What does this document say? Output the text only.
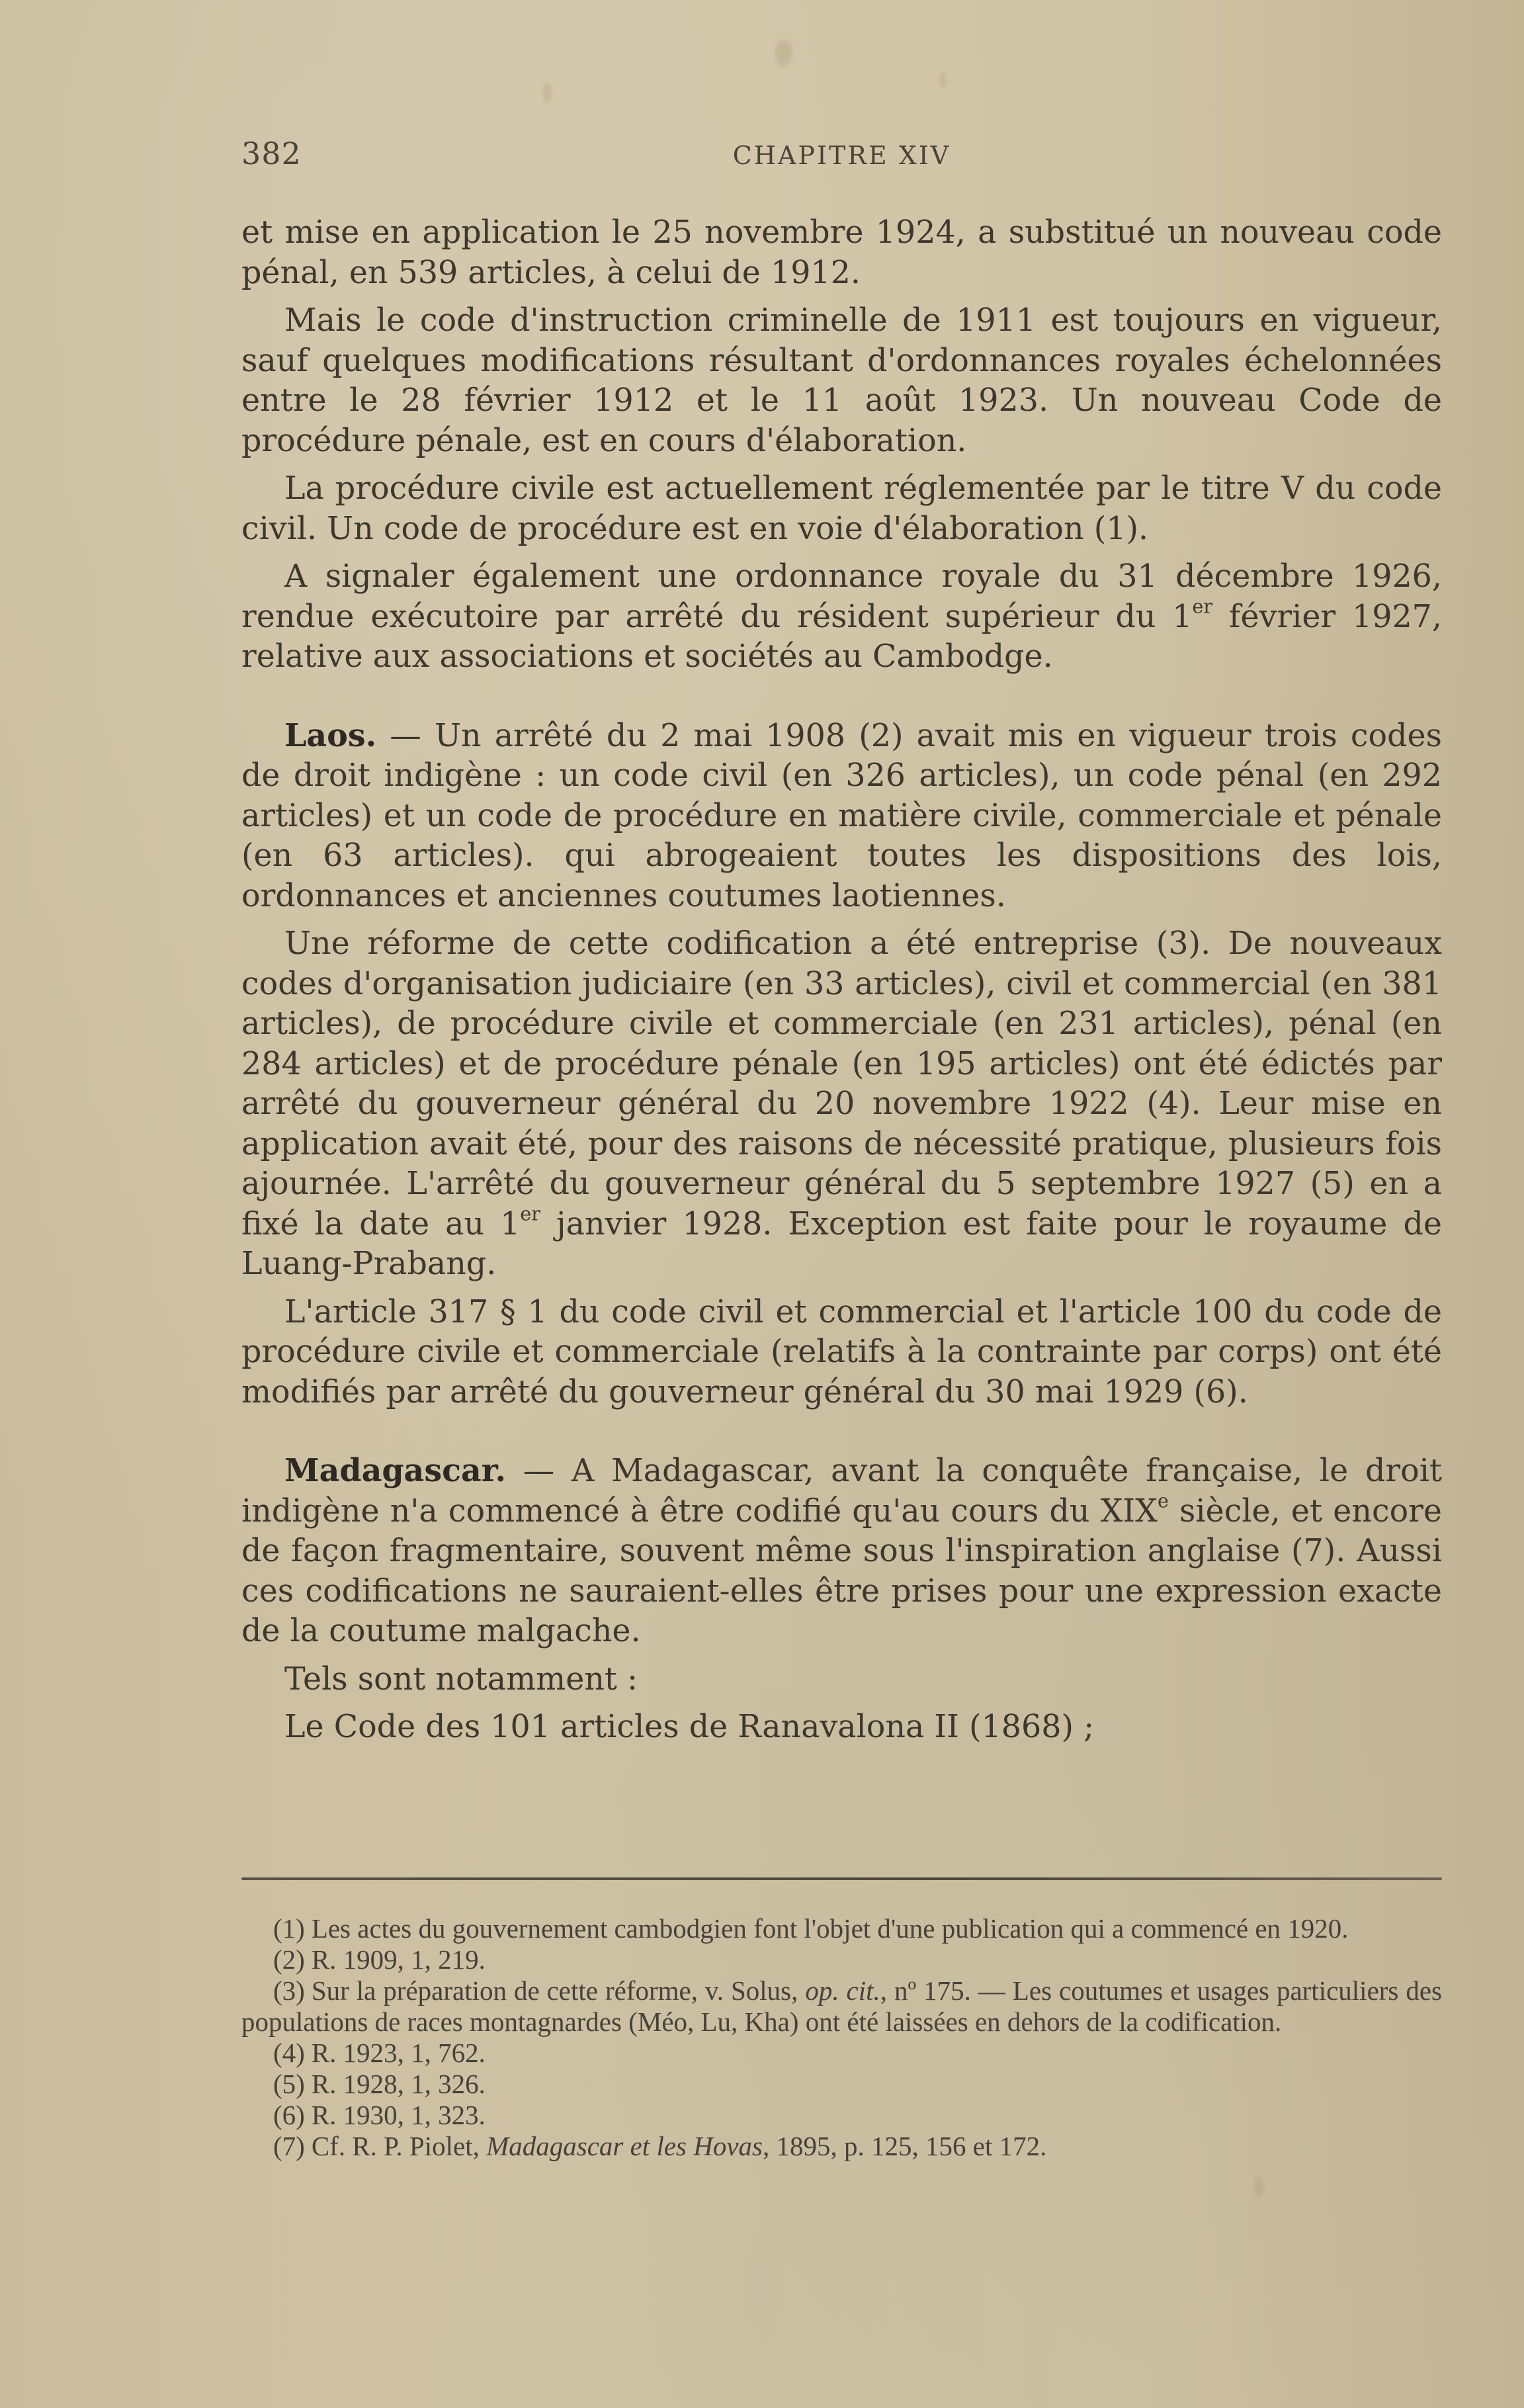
382	CHAPITRE XIV

et mise en application le 25 novembre 1924, a substitué un nouveau code pénal, en 539 articles, à celui de 1912.

Mais le code d'instruction criminelle de 1911 est toujours en vigueur, sauf quelques modifications résultant d'ordonnances royales échelonnées entre le 28 février 1912 et le 11 août 1923. Un nouveau Code de procédure pénale, est en cours d'élaboration.

La procédure civile est actuellement réglementée par le titre V du code civil. Un code de procédure est en voie d'élaboration (1).

A signaler également une ordonnance royale du 31 décembre 1926, rendue exécutoire par arrêté du résident supérieur du 1er février 1927, relative aux associations et sociétés au Cambodge.

Laos. — Un arrêté du 2 mai 1908 (2) avait mis en vigueur trois codes de droit indigène : un code civil (en 326 articles), un code pénal (en 292 articles) et un code de procédure en matière civile, commerciale et pénale (en 63 articles). qui abrogeaient toutes les dispositions des lois, ordonnances et anciennes coutumes laotiennes.

Une réforme de cette codification a été entreprise (3). De nouveaux codes d'organisation judiciaire (en 33 articles), civil et commercial (en 381 articles), de procédure civile et commerciale (en 231 articles), pénal (en 284 articles) et de procédure pénale (en 195 articles) ont été édictés par arrêté du gouverneur général du 20 novembre 1922 (4). Leur mise en application avait été, pour des raisons de nécessité pratique, plusieurs fois ajournée. L'arrêté du gouverneur général du 5 septembre 1927 (5) en a fixé la date au 1er janvier 1928. Exception est faite pour le royaume de Luang-Prabang.

L'article 317 § 1 du code civil et commercial et l'article 100 du code de procédure civile et commerciale (relatifs à la contrainte par corps) ont été modifiés par arrêté du gouverneur général du 30 mai 1929 (6).

Madagascar. — A Madagascar, avant la conquête française, le droit indigène n'a commencé à être codifié qu'au cours du XIXe siècle, et encore de façon fragmentaire, souvent même sous l'inspiration anglaise (7). Aussi ces codifications ne sauraient-elles être prises pour une expression exacte de la coutume malgache.

Tels sont notamment :

Le Code des 101 articles de Ranavalona II (1868) ;

(1) Les actes du gouvernement cambodgien font l'objet d'une publication qui a commencé en 1920.

(2) R. 1909, 1, 219.

(3) Sur la préparation de cette réforme, v. Solus, op. cit., nº 175. — Les coutumes et usages particuliers des populations de races montagnardes (Méo, Lu, Kha) ont été laissées en dehors de la codification.

(4) R. 1923, 1, 762.

(5) R. 1928, 1, 326.

(6) R. 1930, 1, 323.

(7) Cf. R. P. Piolet, Madagascar et les Hovas, 1895, p. 125, 156 et 172.
